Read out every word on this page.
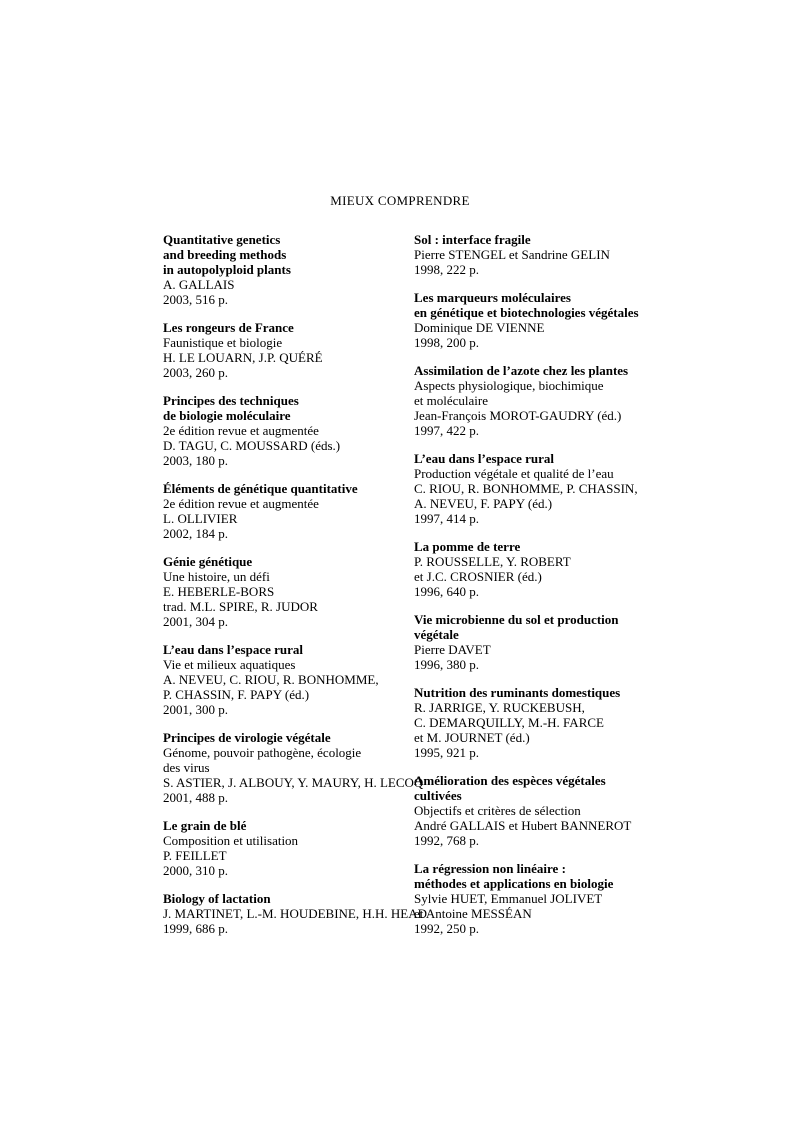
MIEUX COMPRENDRE
Quantitative genetics
and breeding methods
in autopolyploid plants
A. GALLAIS
2003, 516 p.
Les rongeurs de France
Faunistique et biologie
H. LE LOUARN, J.P. QUÉRÉ
2003, 260 p.
Principes des techniques
de biologie moléculaire
2e édition revue et augmentée
D. TAGU, C. MOUSSARD (éds.)
2003, 180 p.
Éléments de génétique quantitative
2e édition revue et augmentée
L. OLLIVIER
2002, 184 p.
Génie génétique
Une histoire, un défi
E. HEBERLE-BORS
trad. M.L. SPIRE, R. JUDOR
2001, 304 p.
L’eau dans l’espace rural
Vie et milieux aquatiques
A. NEVEU, C. RIOU, R. BONHOMME,
P. CHASSIN, F. PAPY (éd.)
2001, 300 p.
Principes de virologie végétale
Génome, pouvoir pathogène, écologie
des virus
S. ASTIER, J. ALBOUY, Y. MAURY, H. LECOQ
2001, 488 p.
Le grain de blé
Composition et utilisation
P. FEILLET
2000, 310 p.
Biology of lactation
J. MARTINET, L.-M. HOUDEBINE, H.H. HEAD
1999, 686 p.
Sol : interface fragile
Pierre STENGEL et Sandrine GELIN
1998, 222 p.
Les marqueurs moléculaires
en génétique et biotechnologies végétales
Dominique DE VIENNE
1998, 200 p.
Assimilation de l’azote chez les plantes
Aspects physiologique, biochimique
et moléculaire
Jean-François MOROT-GAUDRY (éd.)
1997, 422 p.
L’eau dans l’espace rural
Production végétale et qualité de l’eau
C. RIOU, R. BONHOMME, P. CHASSIN,
A. NEVEU, F. PAPY (éd.)
1997, 414 p.
La pomme de terre
P. ROUSSELLE, Y. ROBERT
et J.C. CROSNIER (éd.)
1996, 640 p.
Vie microbienne du sol et production
végétale
Pierre DAVET
1996, 380 p.
Nutrition des ruminants domestiques
R. JARRIGE, Y. RUCKEBUSH,
C. DEMARQUILLY, M.-H. FARCE
et M. JOURNET (éd.)
1995, 921 p.
Amélioration des espèces végétales
cultivées
Objectifs et critères de sélection
André GALLAIS et Hubert BANNEROT
1992, 768 p.
La régression non linéaire :
méthodes et applications en biologie
Sylvie HUET, Emmanuel JOLIVET
et Antoine MESSÉAN
1992, 250 p.
